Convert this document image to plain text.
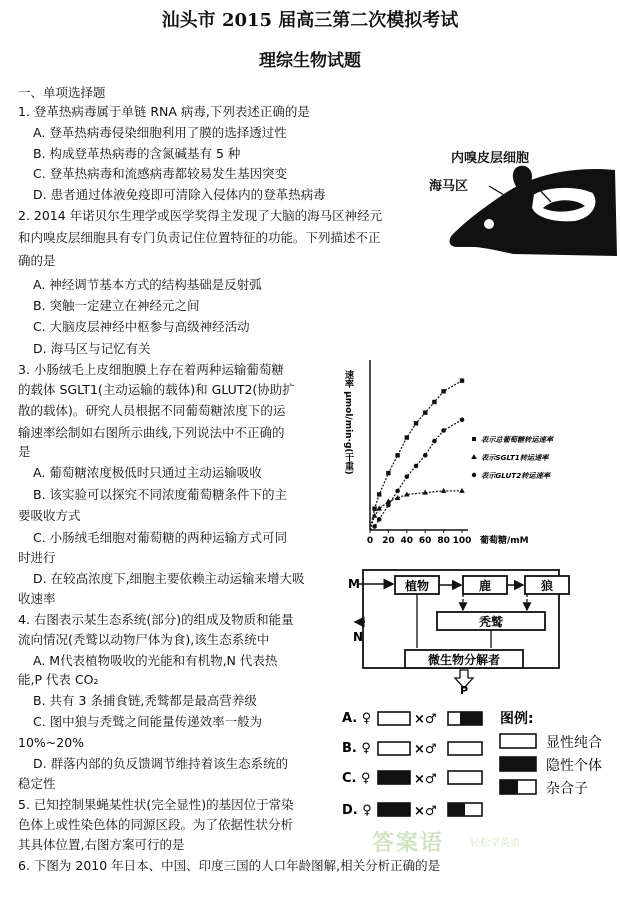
汕头市 2015 届高三第二次模拟考试
理综生物试题
一、单项选择题
1. 登革热病毒属于单链 RNA 病毒,下列表述正确的是
A. 登革热病毒侵染细胞利用了膜的选择透过性
B. 构成登革热病毒的含氮碱基有 5 种
C. 登革热病毒和流感病毒都较易发生基因突变
D. 患者通过体液免疫即可清除入侵体内的登革热病毒
2. 2014 年诺贝尔生理学或医学奖得主发现了大脑的海马区神经元
和内嗅皮层细胞具有专门负责记住位置特征的功能。下列描述不正
确的是
A. 神经调节基本方式的结构基础是反射弧
B. 突触一定建立在神经元之间
C. 大脑皮层神经中枢参与高级神经活动
D. 海马区与记忆有关
3. 小肠绒毛上皮细胞膜上存在着两种运输葡萄糖
的载体 SGLT1(主动运输的载体)和 GLUT2(协助扩
散的载体)。研究人员根据不同葡萄糖浓度下的运
输速率绘制如右图所示曲线,下列说法中不正确的
是
A. 葡萄糖浓度极低时只通过主动运输吸收
B. 该实验可以探究不同浓度葡萄糖条件下的主
要吸收方式
C. 小肠绒毛细胞对葡萄糖的两种运输方式可同
时进行
D. 在较高浓度下,细胞主要依赖主动运输来增大吸
收速率
4. 右图表示某生态系统(部分)的组成及物质和能量
流向情况(秃鹫以动物尸体为食),该生态系统中
A. M代表植物吸收的光能和有机物,N 代表热
能,P 代表 CO₂
B. 共有 3 条捕食链,秃鹫都是最高营养级
C. 图中狼与秃鹫之间能量传递效率一般为
10%~20%
D. 群落内部的负反馈调节维持着该生态系统的
稳定性
5. 已知控制果蝇某性状(完全显性)的基因位于常染
色体上或性染色体的同源区段。为了依据性状分析
其具体位置,右图方案可行的是
6. 下图为 2010 年日本、中国、印度三国的人口年龄图解,相关分析正确的是
内嗅皮层细胞
海马区
速率 μmol/min·g(干重)
0 20 40 60 80 100 葡萄糖/mM
表示总葡萄糖转运速率
表示SGLT1转运速率
表示GLUT2转运速率
M
N
植物	鹿	狼
秃鹫
微生物分解者
P
A. ♀	×♂
B. ♀	×♂
C. ♀	×♂
D. ♀	×♂
图例:
显性纯合
隐性个体
杂合子
答案语	轻松学英语
